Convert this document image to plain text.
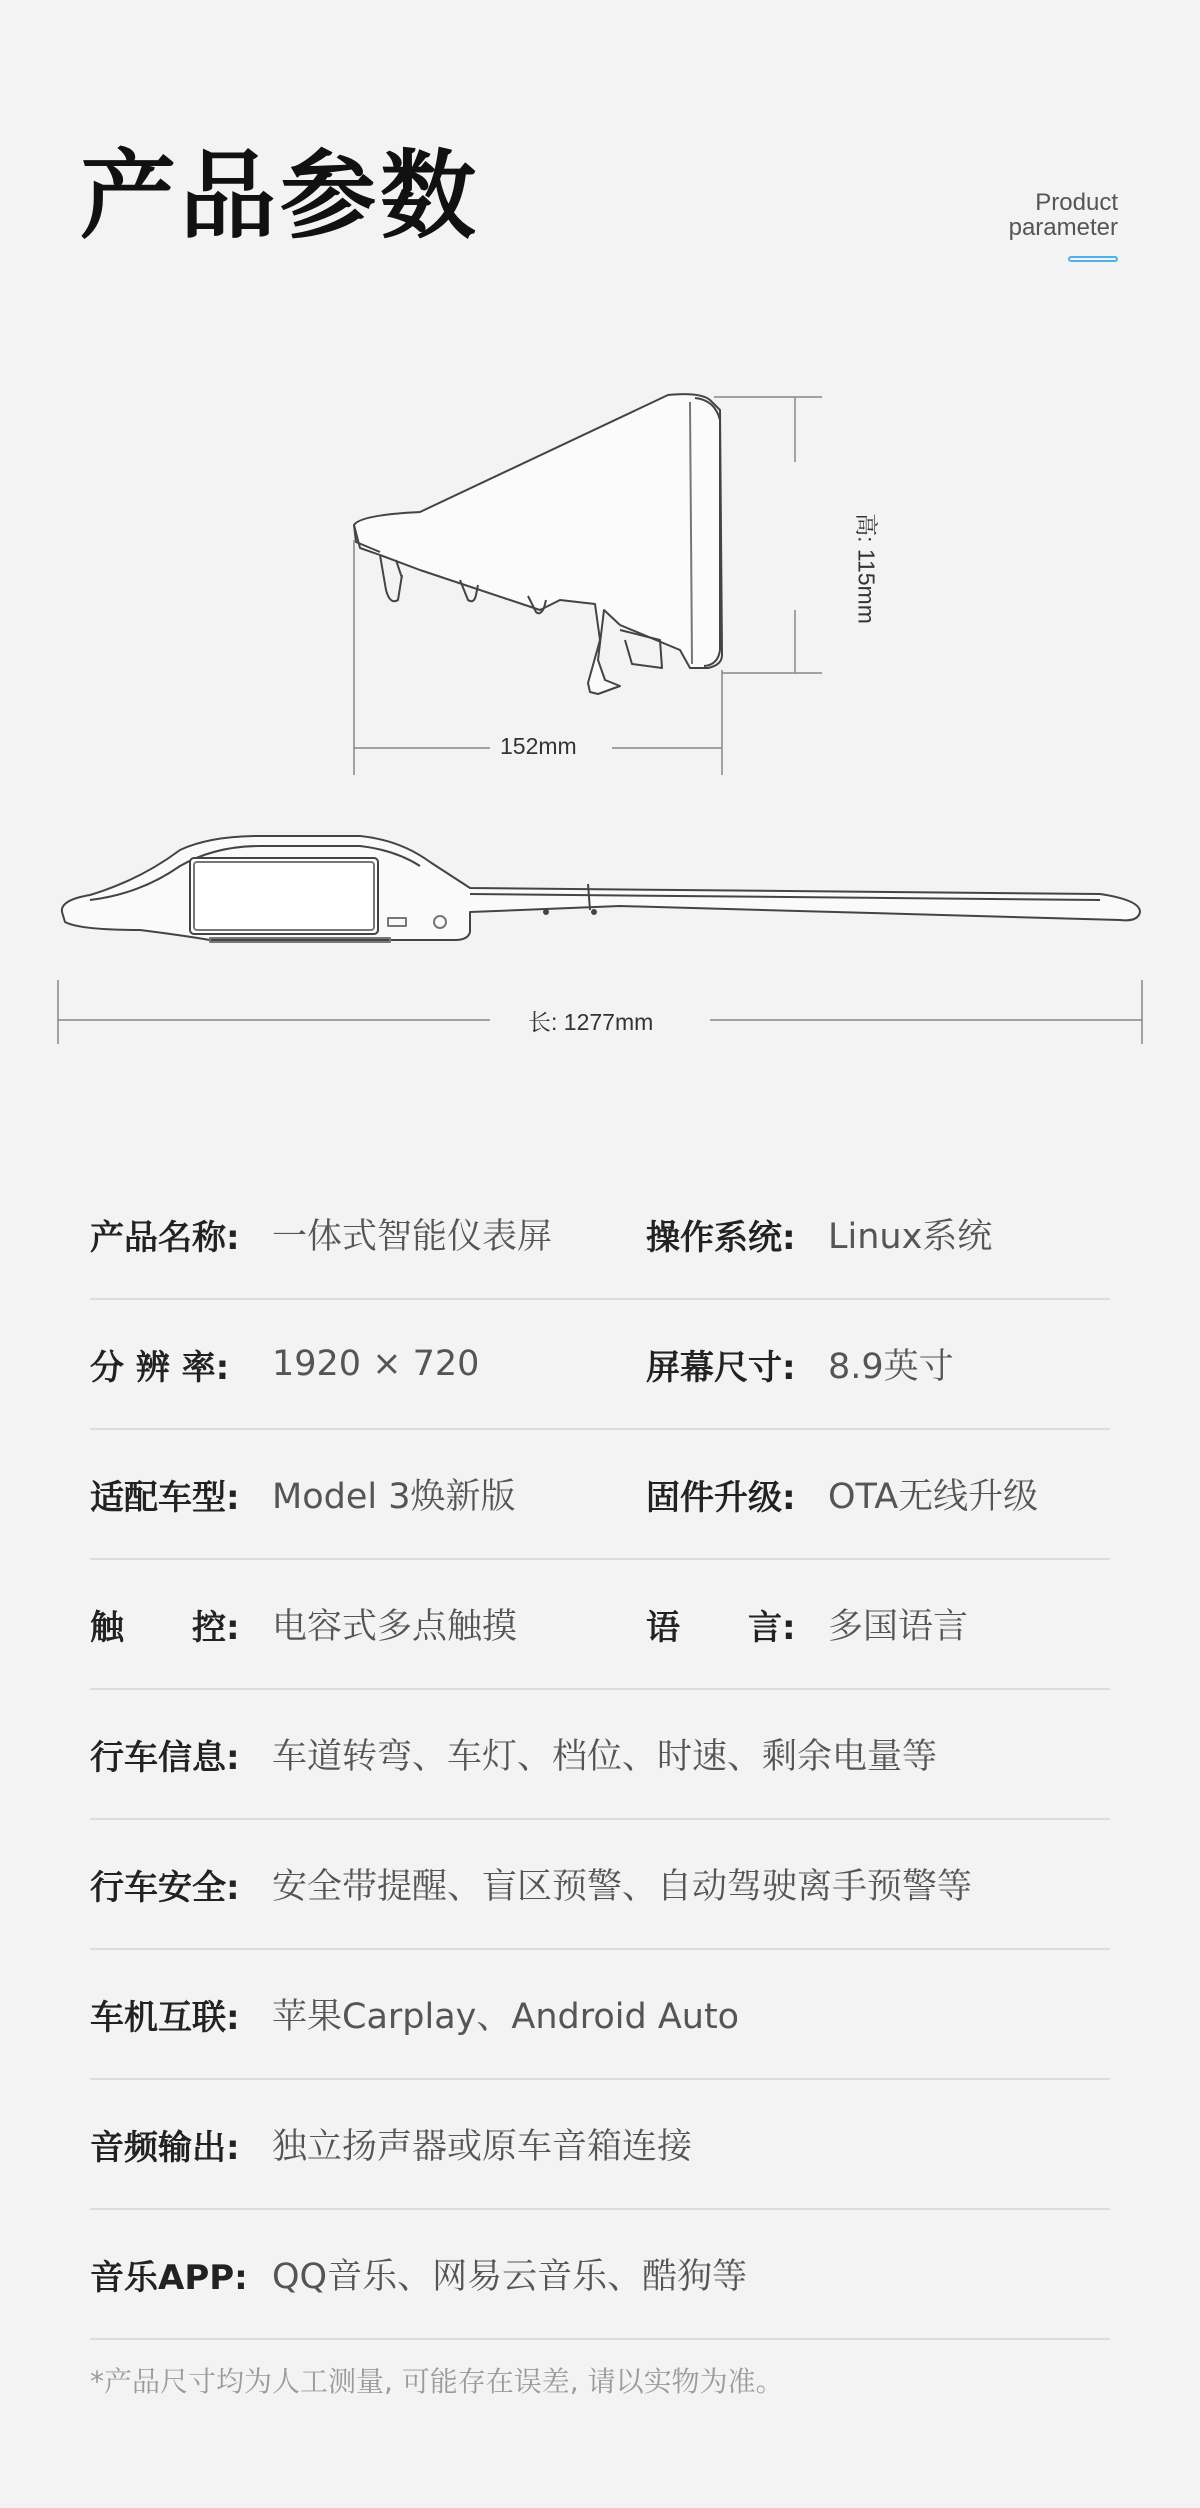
产品参数	Product
parameter
152mm
高: 115mm
长: 1277mm
产品名称: 一体式智能仪表屏	操作系统: Linux系统
分 辨 率:	1920 × 720	屏幕尺寸: 8.9英寸
适配车型: Model 3焕新版	固件升级: OTA无线升级
触　　控: 电容式多点触摸	语　　言: 多国语言
行车信息: 车道转弯、车灯、档位、时速、剩余电量等
行车安全: 安全带提醒、盲区预警、自动驾驶离手预警等
车机互联: 苹果Carplay、Android Auto
音频输出: 独立扬声器或原车音箱连接
音乐APP: QQ音乐、网易云音乐、酷狗等
*产品尺寸均为人工测量, 可能存在误差, 请以实物为准。
